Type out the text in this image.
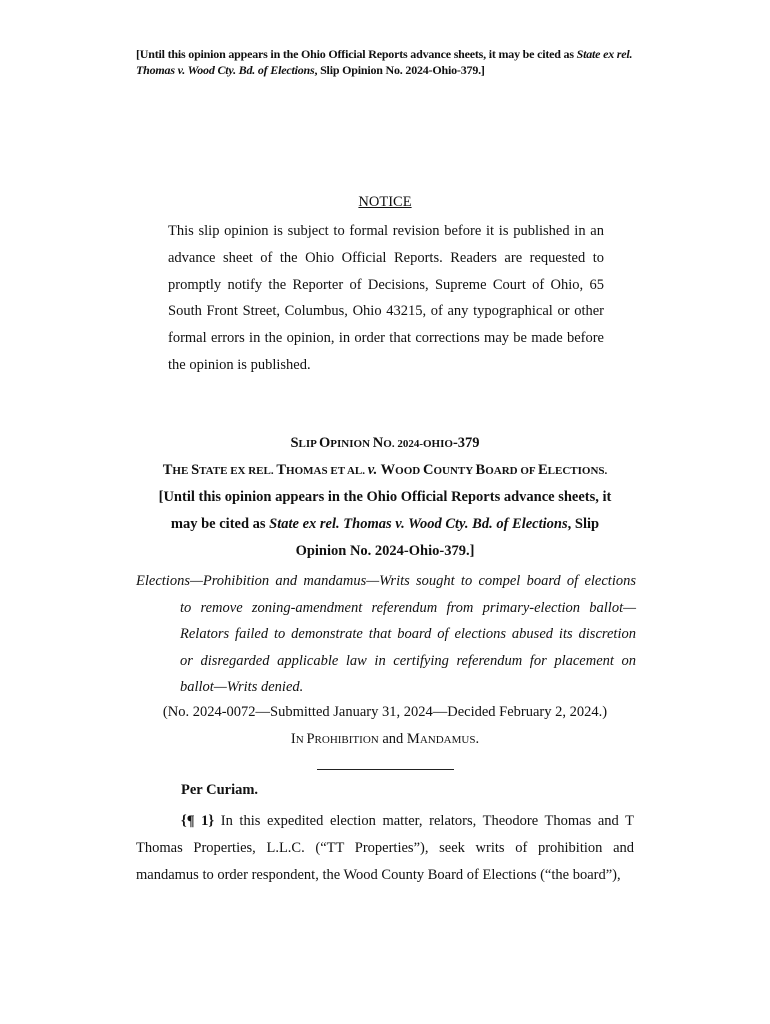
[Until this opinion appears in the Ohio Official Reports advance sheets, it may be cited as State ex rel. Thomas v. Wood Cty. Bd. of Elections, Slip Opinion No. 2024-Ohio-379.]
NOTICE
This slip opinion is subject to formal revision before it is published in an advance sheet of the Ohio Official Reports. Readers are requested to promptly notify the Reporter of Decisions, Supreme Court of Ohio, 65 South Front Street, Columbus, Ohio 43215, of any typographical or other formal errors in the opinion, in order that corrections may be made before the opinion is published.
SLIP OPINION NO. 2024-OHIO-379
THE STATE EX REL. THOMAS ET AL. v. WOOD COUNTY BOARD OF ELECTIONS.
[Until this opinion appears in the Ohio Official Reports advance sheets, it
may be cited as State ex rel. Thomas v. Wood Cty. Bd. of Elections, Slip
Opinion No. 2024-Ohio-379.]
Elections—Prohibition and mandamus—Writs sought to compel board of elections
to remove zoning-amendment referendum from primary-election ballot—
Relators failed to demonstrate that board of elections abused its discretion
or disregarded applicable law in certifying referendum for placement on
ballot—Writs denied.
(No. 2024-0072—Submitted January 31, 2024—Decided February 2, 2024.)
IN PROHIBITION and MANDAMUS.
Per Curiam.
{¶ 1} In this expedited election matter, relators, Theodore Thomas and T Thomas Properties, L.L.C. (“TT Properties”), seek writs of prohibition and mandamus to order respondent, the Wood County Board of Elections (“the board”),
